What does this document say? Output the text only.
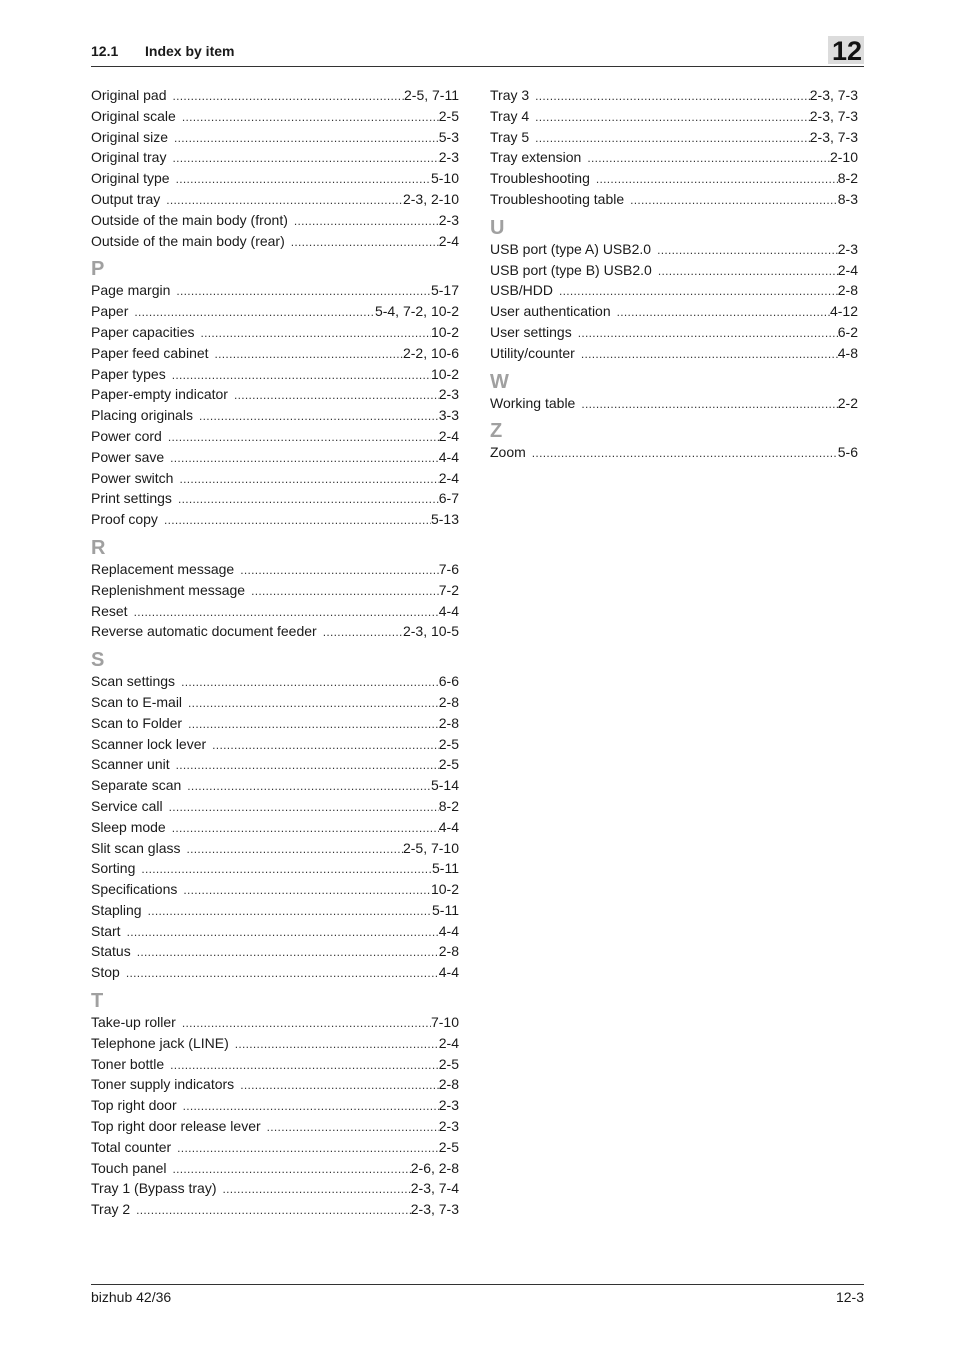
12.1 Index by item	12
Original pad .....	2-5, 7-11
Original scale .....	2-5
Original size .....	5-3
Original tray .....	2-3
Original type .....	5-10
Output tray .....	2-3, 2-10
Outside of the main body (front) .....	2-3
Outside of the main body (rear) .....	2-4
P
Page margin .....	5-17
Paper .....	5-4, 7-2, 10-2
Paper capacities .....	10-2
Paper feed cabinet .....	2-2, 10-6
Paper types .....	10-2
Paper-empty indicator .....	2-3
Placing originals .....	3-3
Power cord .....	2-4
Power save .....	4-4
Power switch .....	2-4
Print settings .....	6-7
Proof copy .....	5-13
R
Replacement message .....	7-6
Replenishment message .....	7-2
Reset .....	4-4
Reverse automatic document feeder .....	2-3, 10-5
S
Scan settings .....	6-6
Scan to E-mail .....	2-8
Scan to Folder .....	2-8
Scanner lock lever .....	2-5
Scanner unit .....	2-5
Separate scan .....	5-14
Service call .....	8-2
Sleep mode .....	4-4
Slit scan glass .....	2-5, 7-10
Sorting .....	5-11
Specifications .....	10-2
Stapling .....	5-11
Start .....	4-4
Status .....	2-8
Stop .....	4-4
T
Take-up roller .....	7-10
Telephone jack (LINE) .....	2-4
Toner bottle .....	2-5
Toner supply indicators .....	2-8
Top right door .....	2-3
Top right door release lever .....	2-3
Total counter .....	2-5
Touch panel .....	2-6, 2-8
Tray 1 (Bypass tray) .....	2-3, 7-4
Tray 2 .....	2-3, 7-3
Tray 3 .....	2-3, 7-3
Tray 4 .....	2-3, 7-3
Tray 5 .....	2-3, 7-3
Tray extension .....	2-10
Troubleshooting .....	8-2
Troubleshooting table .....	8-3
U
USB port (type A) USB2.0 .....	2-3
USB port (type B) USB2.0 .....	2-4
USB/HDD .....	2-8
User authentication .....	4-12
User settings .....	6-2
Utility/counter .....	4-8
W
Working table .....	2-2
Z
Zoom .....	5-6
bizhub 42/36	12-3
